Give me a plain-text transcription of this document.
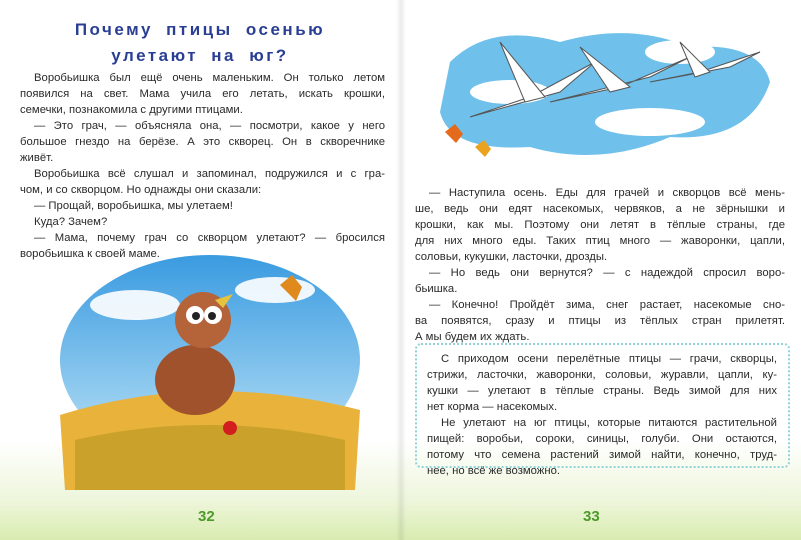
Почему птицы осенью
улетают на юг?
Воробьишка был ещё очень маленьким. Он только летом
появился на свет. Мама учила его летать, искать крошки,
семечки, познакомила с другими птицами.
— Это грач, — объясняла она, — посмотри, какое у него
большое гнездо на берёзе. А это скворец. Он в скворечнике
живёт.
Воробьишка всё слушал и запоминал, подружился и с гра-
чом, и со скворцом. Но однажды они сказали:
— Прощай, воробьишка, мы улетаем!
Куда? Зачем?
— Мама, почему грач со скворцом улетают? — бросился
воробьишка к своей маме.
32
— Наступила осень. Еды для грачей и скворцов всё мень-
ше, ведь они едят насекомых, червяков, а не зёрнышки и
крошки, как мы. Поэтому они летят в тёплые страны, где
для них много еды. Таких птиц много — жаворонки, цапли,
соловьи, кукушки, ласточки, дрозды.
— Но ведь они вернутся? — с надеждой спросил воро-
бьишка.
— Конечно! Пройдёт зима, снег растает, насекомые сно-
ва появятся, сразу и птицы из тёплых стран прилетят.
А мы будем их ждать.
С приходом осени перелётные птицы — грачи, скворцы,
стрижи, ласточки, жаворонки, соловьи, журавли, цапли, ку-
кушки — улетают в тёплые страны. Ведь зимой для них
нет корма — насекомых.
Не улетают на юг птицы, которые питаются растительной
пищей: воробьи, сороки, синицы, голуби. Они остаются,
потому что семена растений зимой найти, конечно, труд-
нее, но всё же возможно.
33
